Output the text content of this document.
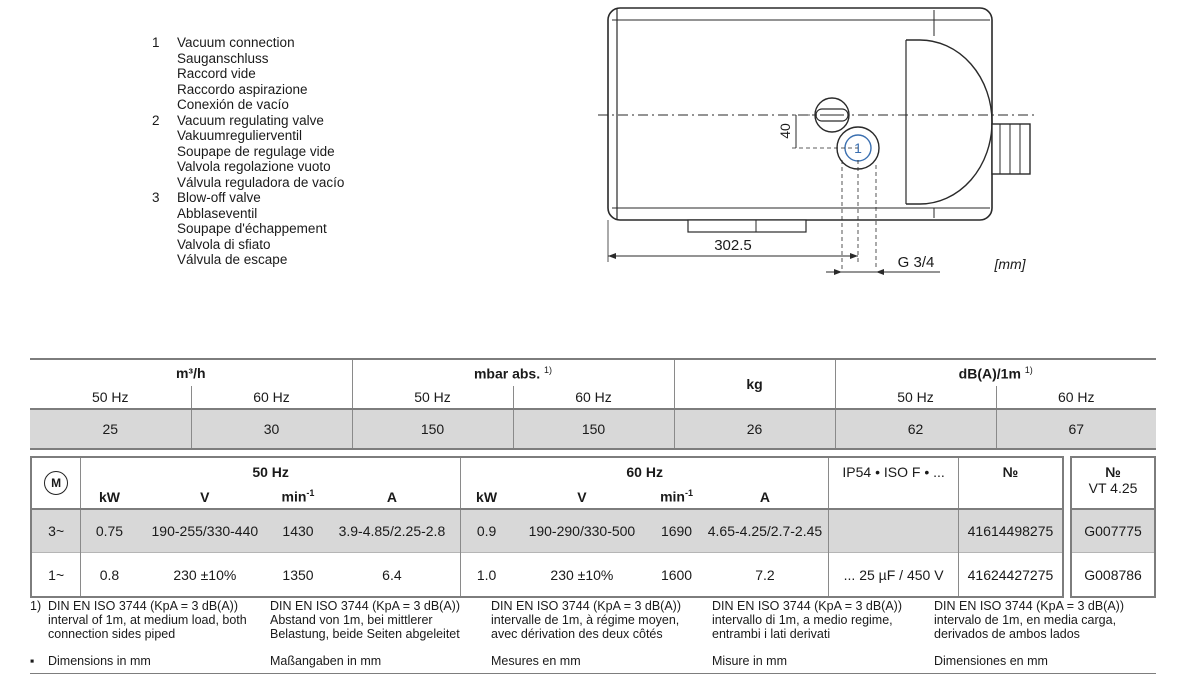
1 Vacuum connection
Sauganschluss
Raccord vide
Raccordo aspirazione
Conexión de vacío
2 Vacuum regulating valve
Vakuumregulierventil
Soupape de regulage vide
Valvola regolazione vuoto
Válvula reguladora de vacío
3 Blow-off valve
Abblaseventil
Soupape d'échappement
Valvola di sfiato
Válvula de escape
1
40
302.5
G 3/4	[mm]
m³/h		mbar abs. $^{1)}$		kg	dB(A)/1m $^{1)}$
50 Hz	60 Hz	50 Hz	60 Hz		50 Hz	60 Hz
25	30	150	150	26	62	67
M	50 Hz				60 Hz				IP54 • ISO F • ...	№		№
VT 4.25

	kW	V	$\min^{-1}$	A	kW	V	$\min^{-1}$	A				
3~	0.75	190-255/330-440	1430	3.9-4.85/2.25-2.8	0.9	190-290/330-500	1690	4.65-4.25/2.7-2.45		41614498275		G007775
1~	0.8	230 ±10%	1350	6.4	1.0	230 ±10%	1600	7.2	... 25 µF / 450 V	41624427275		G008786
1) DIN EN ISO 3744 (KpA = 3 dB(A))
interval of 1m, at medium load, both
connection sides piped
DIN EN ISO 3744 (KpA = 3 dB(A))
Abstand von 1m, bei mittlerer
Belastung, beide Seiten abgeleitet
DIN EN ISO 3744 (KpA = 3 dB(A))
intervalle de 1m, à régime moyen,
avec dérivation des deux côtés
DIN EN ISO 3744 (KpA = 3 dB(A))
intervallo di 1m, a medio regime,
entrambi i lati derivati
DIN EN ISO 3744 (KpA = 3 dB(A))
intervalo de 1m, en media carga,
derivados de ambos lados
▪ Dimensions in mm	Maßangaben in mm	Mesures en mm	Misure in mm	Dimensiones en mm
